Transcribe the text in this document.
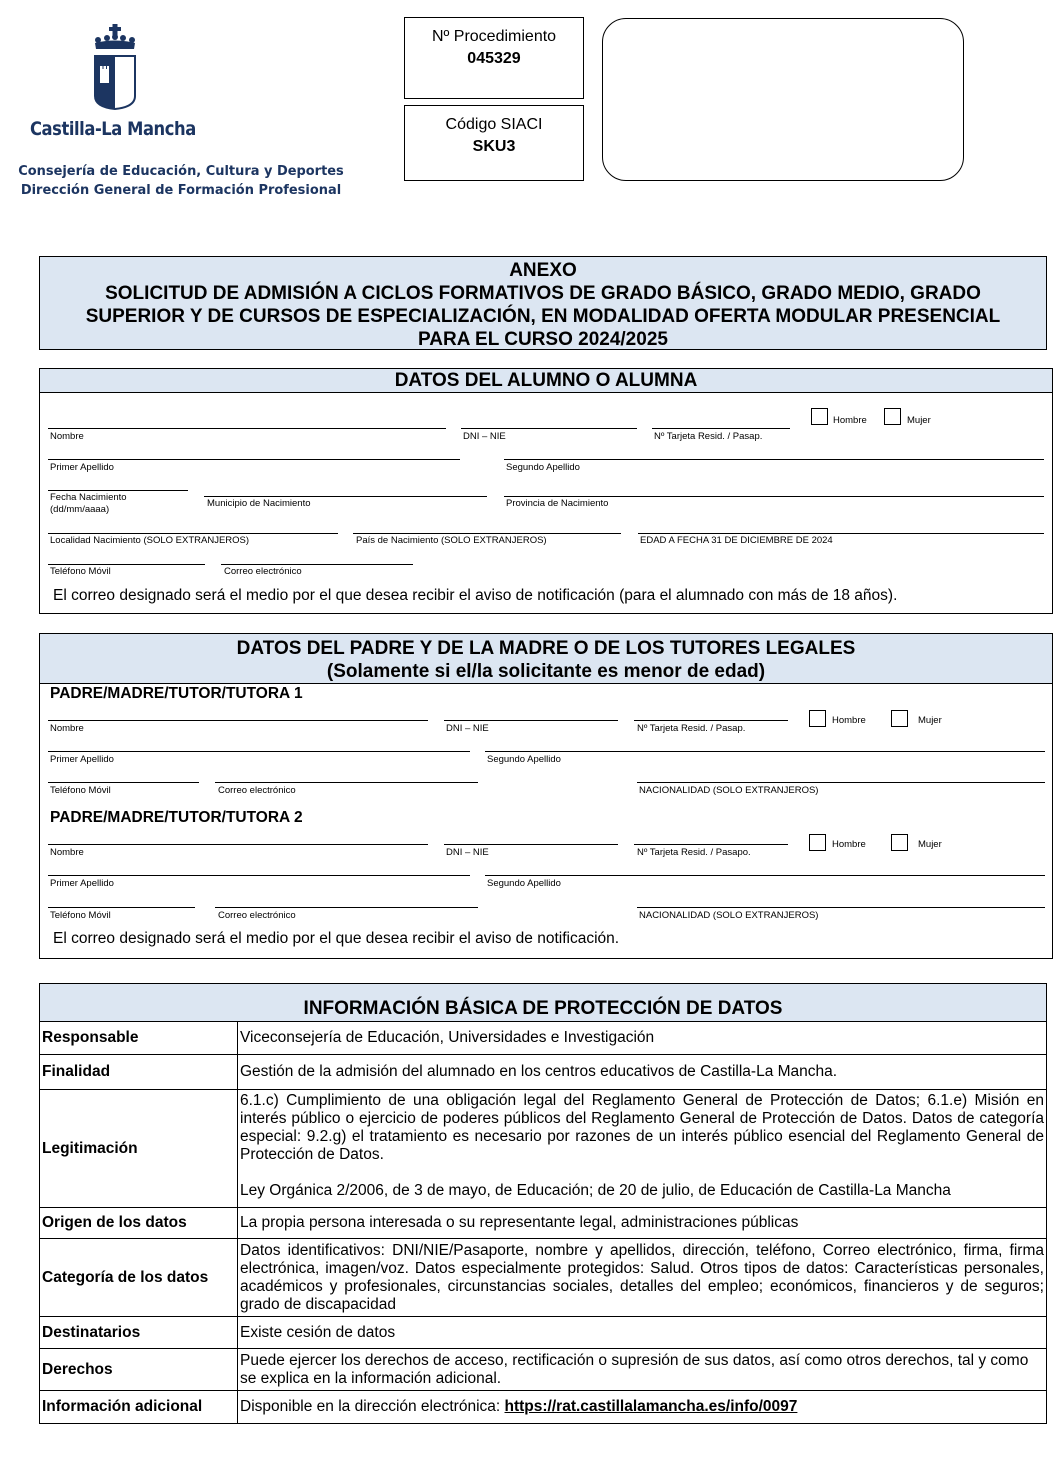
Castilla-La Mancha
Consejería de Educación, Cultura y Deportes
Dirección General de Formación Profesional
Nº Procedimiento
045329
Código SIACI
SKU3

ANEXO

SOLICITUD DE ADMISIÓN A CICLOS FORMATIVOS DE GRADO BÁSICO, GRADO MEDIO, GRADO

SUPERIOR Y DE CURSOS DE ESPECIALIZACIÓN, EN MODALIDAD OFERTA MODULAR PRESENCIAL

PARA EL CURSO 2024/2025

DATOS DEL ALUMNO O ALUMNA
Nombre	DNI – NIE	Nº Tarjeta Resid. / Pasap.
Hombre	Mujer
Primer Apellido	Segundo Apellido
Fecha Nacimiento
(dd/mm/aaaa)
Municipio de Nacimiento	Provincia de Nacimiento
Localidad Nacimiento (SOLO EXTRANJEROS)	País de Nacimiento (SOLO EXTRANJEROS)	EDAD A FECHA 31 DE DICIEMBRE DE 2024
Teléfono Móvil	Correo electrónico
El correo designado será el medio por el que desea recibir el aviso de notificación (para el alumnado con más de 18 años).
DATOS DEL PADRE Y DE LA MADRE O DE LOS TUTORES LEGALES
(Solamente si el/la solicitante es menor de edad)
PADRE/MADRE/TUTOR/TUTORA 1
Nombre	DNI – NIE	Nº Tarjeta Resid. / Pasap.
Hombre	Mujer
Primer Apellido	Segundo Apellido
Teléfono Móvil	Correo electrónico	NACIONALIDAD (SOLO EXTRANJEROS)
PADRE/MADRE/TUTOR/TUTORA 2
Nombre	DNI – NIE	Nº Tarjeta Resid. / Pasapo.
Hombre	Mujer
Primer Apellido	Segundo Apellido
Teléfono Móvil	Correo electrónico	NACIONALIDAD (SOLO EXTRANJEROS)
El correo designado será el medio por el que desea recibir el aviso de notificación.
INFORMACIÓN BÁSICA DE PROTECCIÓN DE DATOS	
Responsable	Viceconsejería de Educación, Universidades e Investigación
Finalidad	Gestión de la admisión del alumnado en los centros educativos de Castilla-La Mancha.
Legitimación	6.1.c) Cumplimiento de una obligación legal del Reglamento General de Protección de Datos; 6.1.e) Misión en interés público o ejercicio de poderes públicos del Reglamento General de Protección de Datos. Datos de categoría especial: 9.2.g) el tratamiento es necesario por razones de un interés público esencial del Reglamento General de Protección de Datos.
Ley Orgánica 2/2006, de 3 de mayo, de Educación; de 20 de julio, de Educación de Castilla-La Mancha

Origen de los datos	La propia persona interesada o su representante legal, administraciones públicas
Categoría de los datos	Datos identificativos: DNI/NIE/Pasaporte, nombre y apellidos, dirección, teléfono, Correo electrónico, firma, firma electrónica, imagen/voz. Datos especialmente protegidos: Salud. Otros tipos de datos: Características personales, académicos y profesionales, circunstancias sociales, detalles del empleo; económicos, financieros y de seguros; grado de discapacidad
Destinatarios	Existe cesión de datos
Derechos	Puede ejercer los derechos de acceso, rectificación o supresión de sus datos, así como otros derechos, tal y como se explica en la información adicional.
Información adicional	Disponible en la dirección electrónica: https://rat.castillalamancha.es/info/0097
